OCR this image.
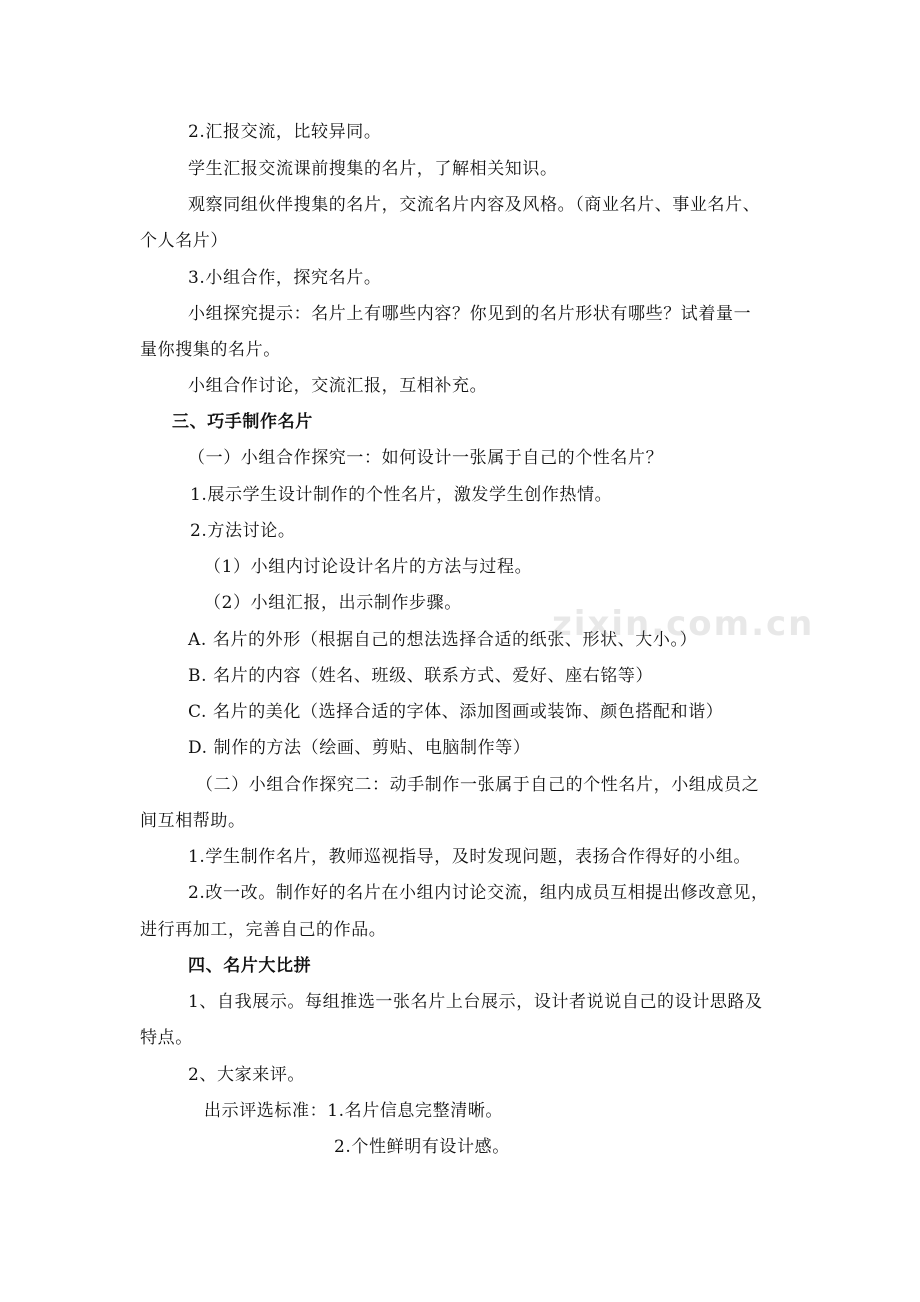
2.汇报交流，比较异同。

学生汇报交流课前搜集的名片，了解相关知识。

观察同组伙伴搜集的名片，交流名片内容及风格。（商业名片、事业名片、

个人名片）

3.小组合作，探究名片。

小组探究提示：名片上有哪些内容？你见到的名片形状有哪些？试着量一

量你搜集的名片。

小组合作讨论，交流汇报，互相补充。

三、巧手制作名片

（一）小组合作探究一：如何设计一张属于自己的个性名片？

1.展示学生设计制作的个性名片，激发学生创作热情。

2.方法讨论。

（1）小组内讨论设计名片的方法与过程。

（2）小组汇报，出示制作步骤。

A. 名片的外形（根据自己的想法选择合适的纸张、形状、大小。）

B. 名片的内容（姓名、班级、联系方式、爱好、座右铭等）

C. 名片的美化（选择合适的字体、添加图画或装饰、颜色搭配和谐）

D. 制作的方法（绘画、剪贴、电脑制作等）

（二）小组合作探究二：动手制作一张属于自己的个性名片，小组成员之

间互相帮助。

1.学生制作名片，教师巡视指导，及时发现问题，表扬合作得好的小组。

2.改一改。制作好的名片在小组内讨论交流，组内成员互相提出修改意见，

进行再加工，完善自己的作品。

四、名片大比拼

1、自我展示。每组推选一张名片上台展示，设计者说说自己的设计思路及

特点。

2、大家来评。

出示评选标准：1.名片信息完整清晰。

2.个性鲜明有设计感。

zixin.com.cn
